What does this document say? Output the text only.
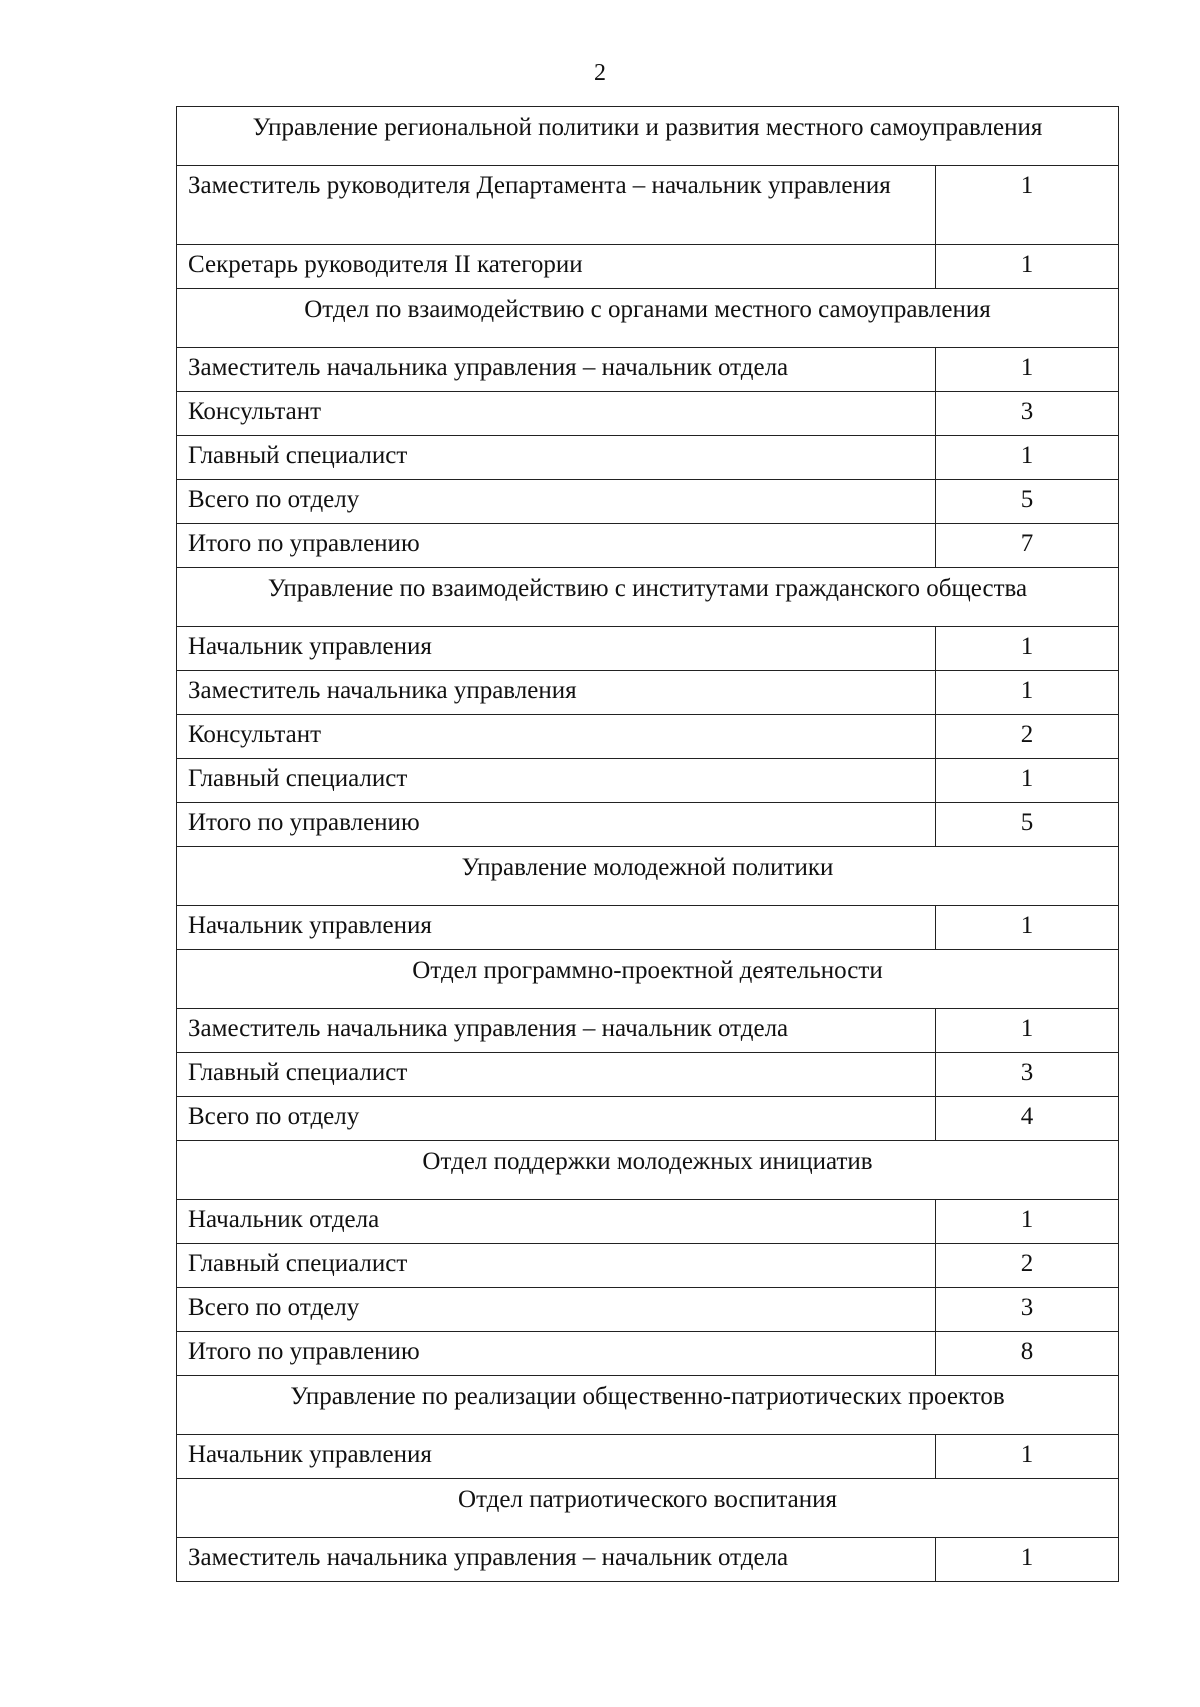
2
Управление региональной политики и развития местного самоуправления	
Заместитель руководителя Департамента – начальник управления	1
Секретарь руководителя II категории	1
Отдел по взаимодействию с органами местного самоуправления	
Заместитель начальника управления – начальник отдела	1
Консультант	3
Главный специалист	1
Всего по отделу	5
Итого по управлению	7
Управление по взаимодействию с институтами гражданского общества	
Начальник управления	1
Заместитель начальника управления	1
Консультант	2
Главный специалист	1
Итого по управлению	5
Управление молодежной политики	
Начальник управления	1
Отдел программно-проектной деятельности	
Заместитель начальника управления – начальник отдела	1
Главный специалист	3
Всего по отделу	4
Отдел поддержки молодежных инициатив	
Начальник отдела	1
Главный специалист	2
Всего по отделу	3
Итого по управлению	8
Управление по реализации общественно-патриотических проектов	
Начальник управления	1
Отдел патриотического воспитания	
Заместитель начальника управления – начальник отдела	1
